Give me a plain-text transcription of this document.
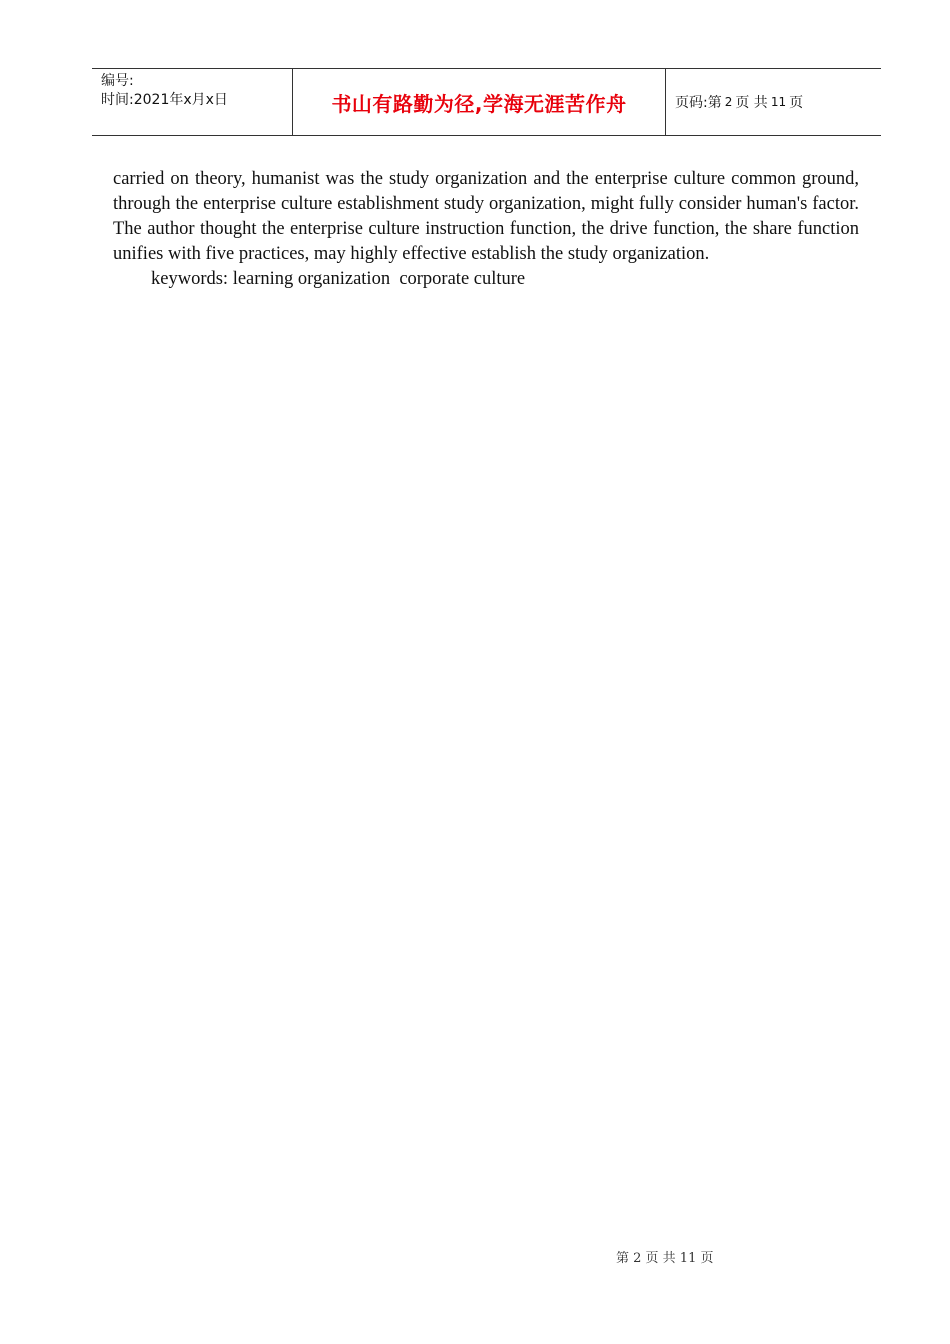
编号:
时间:2021年x月x日	书山有路勤为径,学海无涯苦作舟	页码:第 2 页 共 11 页

carried on theory, humanist was the study organization and the enterprise culture common ground, through the enterprise culture establishment study organization, might fully consider human's factor. The author thought the enterprise culture instruction function, the drive function, the share function unifies with five practices, may highly effective establish the study organization.

keywords: learning organization  corporate culture

第 2 页 共 11 页
